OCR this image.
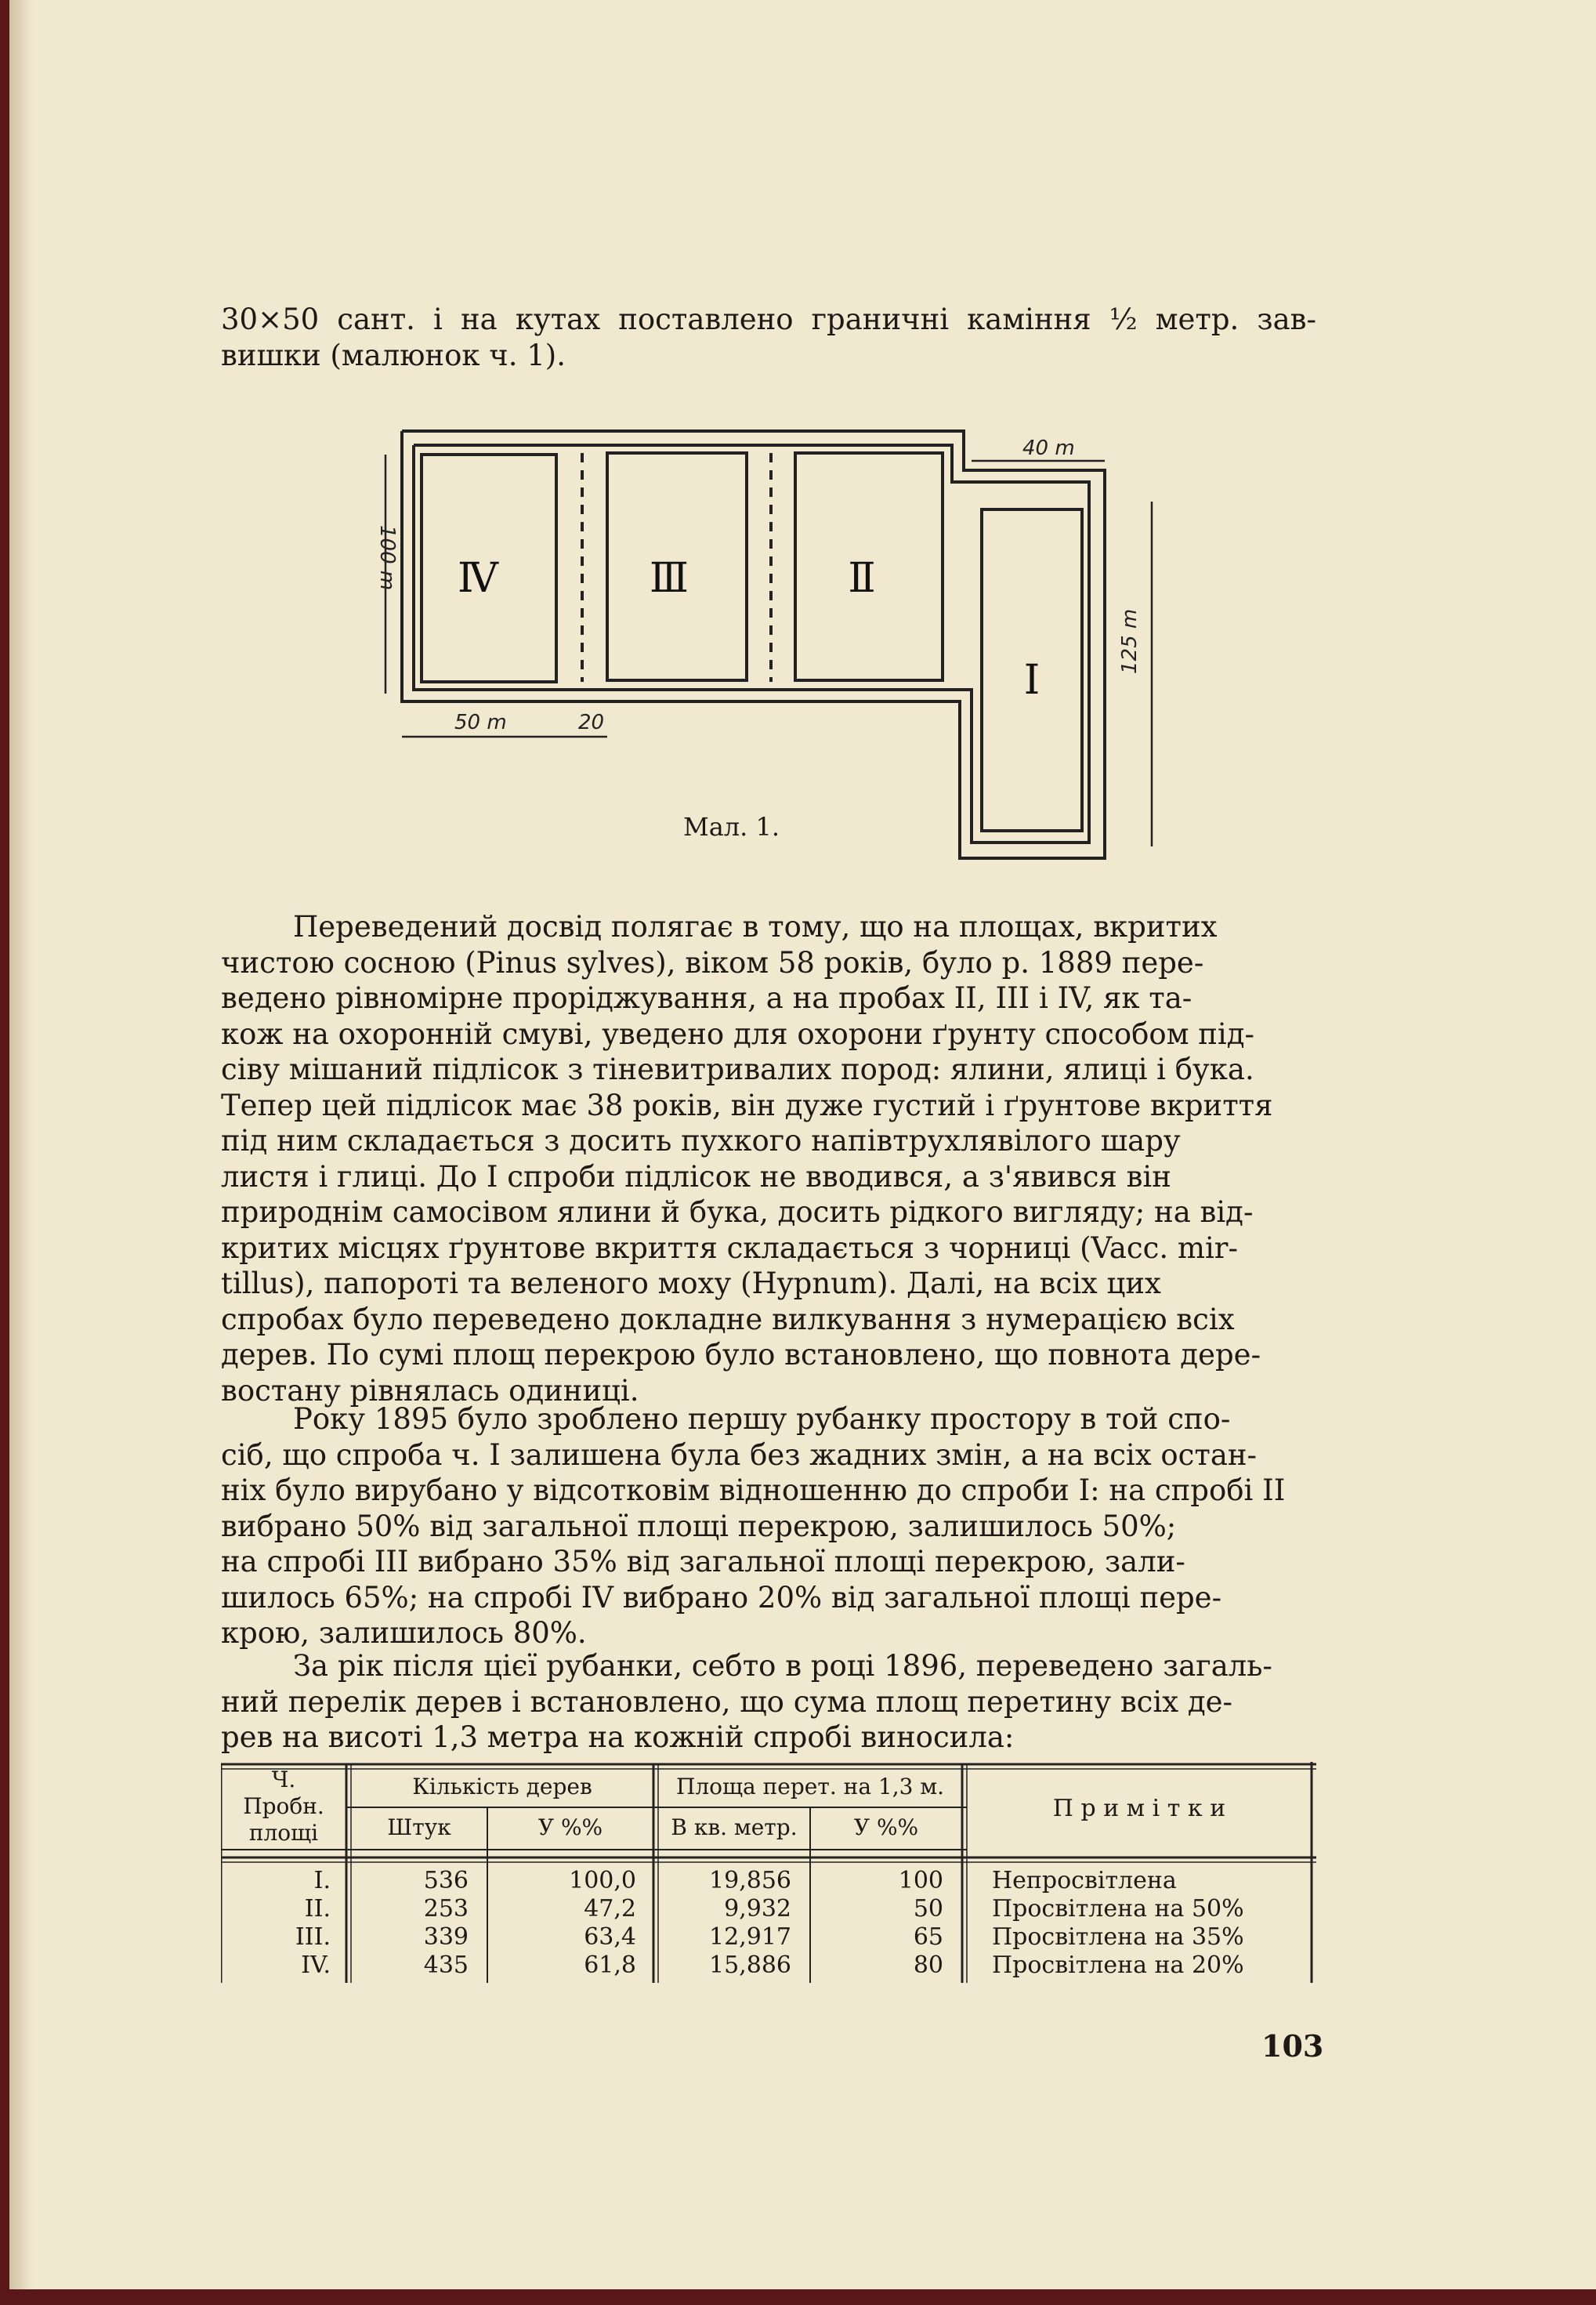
30×50 сант. і на кутах поставлено граничні каміння ½ метр. зав-
вишки (малюнок ч. 1).
40 m
100 m
125 m
50 m	20
Ⅳ	Ⅲ	Ⅱ
I
Мал. 1.
Переведений досвід полягає в тому, що на площах, вкритих
чистою сосною (Pinus sylves), віком 58 років, було р. 1889 пере-
ведено рівномірне проріджування, а на пробах II, III і IV, як та-
кож на охоронній смуві, уведено для охорони ґрунту способом під-
сіву мішаний підлісок з тіневитривалих пород: ялини, ялиці і бука.
Тепер цей підлісок має 38 років, він дуже густий і ґрунтове вкриття
під ним складається з досить пухкого напівтрухлявілого шару
листя і глиці. До I спроби підлісок не вводився, а з'явився він
природнім самосівом ялини й бука, досить рідкого вигляду; на від-
критих місцях ґрунтове вкриття складається з чорниці (Vacc. mir-
tillus), папороті та веленого моху (Hypnum). Далі, на всіх цих
спробах було переведено докладне вилкування з нумерацією всіх
дерев. По сумі площ перекрою було встановлено, що повнота дере-
востану рівнялась одиниці.
Року 1895 було зроблено першу рубанку простору в той спо-
сіб, що спроба ч. I залишена була без жадних змін, а на всіх остан-
ніх було вирубано у відсотковім відношенню до спроби I: на спробі II
вибрано 50% від загальної площі перекрою, залишилось 50%;
на спробі III вибрано 35% від загальної площі перекрою, зали-
шилось 65%; на спробі IV вибрано 20% від загальної площі пере-
крою, залишилось 80%.
За рік після цієї рубанки, себто в році 1896, переведено загаль-
ний перелік дерев і встановлено, що сума площ перетину всіх де-
рев на висоті 1,3 метра на кожній спробі виносила:
Ч.
Пробн.
площі
Кількість дерев
Штук	У %%
Площа перет. на 1,3 м.
В кв. метр.	У %%
П р и м і т к и
I.	536	100,0	19,856	100 Непросвітлена
II.	253	47,2	9,932	50 Просвітлена на 50%
III.	339	63,4	12,917	65 Просвітлена на 35%
IV.	435	61,8	15,886	80 Просвітлена на 20%
103
